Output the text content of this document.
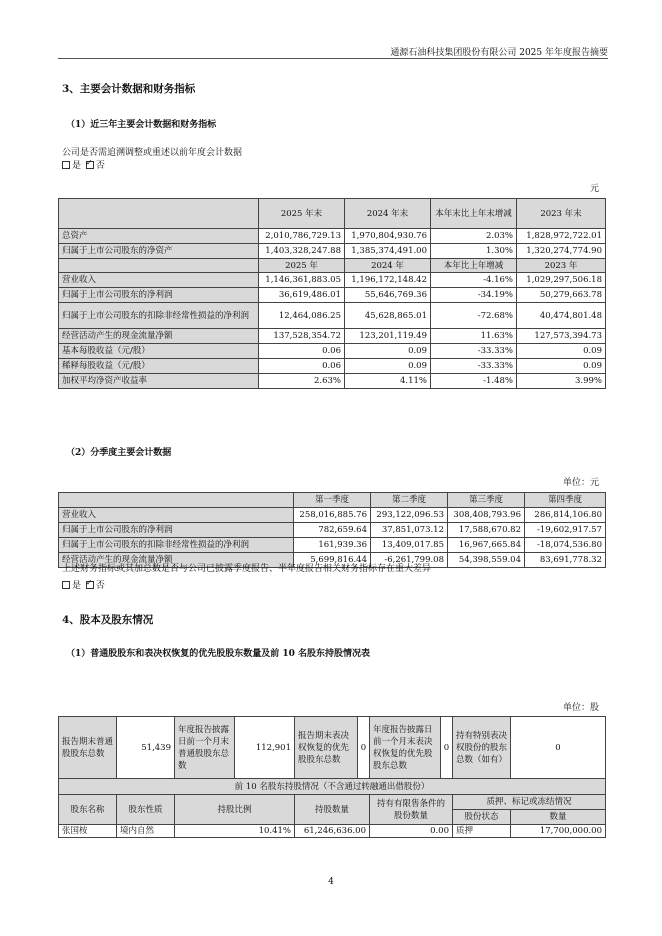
通源石油科技集团股份有限公司 2025 年年度报告摘要
3、主要会计数据和财务指标
（1）近三年主要会计数据和财务指标
公司是否需追溯调整或重述以前年度会计数据
是 ✓ 否
元
	2025 年末	2024 年末	本年末比上年末增减	2023 年末
总资产	2,010,786,729.13	1,970,804,930.76	2.03%	1,828,972,722.01
归属于上市公司股东的净资产	1,403,328,247.88	1,385,374,491.00	1.30%	1,320,274,774.90
	2025 年	2024 年	本年比上年增减	2023 年
营业收入	1,146,361,883.05	1,196,172,148.42	-4.16%	1,029,297,506.18
归属于上市公司股东的净利润	36,619,486.01	55,646,769.36	-34.19%	50,279,663.78
归属于上市公司股东的扣除非经常性损益的净利润	12,464,086.25	45,628,865.01	-72.68%	40,474,801.48
经营活动产生的现金流量净额	137,528,354.72	123,201,119.49	11.63%	127,573,394.73
基本每股收益（元/股）	0.06	0.09	-33.33%	0.09
稀释每股收益（元/股）	0.06	0.09	-33.33%	0.09
加权平均净资产收益率	2.63%	4.11%	-1.48%	3.99%
（2）分季度主要会计数据
单位：元
	第一季度	第二季度	第三季度	第四季度
营业收入	258,016,885.76	293,122,096.53	308,408,793.96	286,814,106.80
归属于上市公司股东的净利润	782,659.64	37,851,073.12	17,588,670.82	-19,602,917.57
归属于上市公司股东的扣除非经常性损益的净利润	161,939.36	13,409,017.85	16,967,665.84	-18,074,536.80
经营活动产生的现金流量净额	5,699,816.44	-6,261,799.08	54,398,559.04	83,691,778.32
上述财务指标或其加总数是否与公司已披露季度报告、半年度报告相关财务指标存在重大差异
是 ✓ 否
4、股本及股东情况
（1）普通股股东和表决权恢复的优先股股东数量及前 10 名股东持股情况表
单位：股
报告期末普通股股东总数	51,439	年度报告披露日前一个月末普通股股东总数	112,901	报告期末表决权恢复的优先股股东总数	0	年度报告披露日前一个月末表决权恢复的优先股股东总数	0	持有特别表决权股份的股东总数（如有）	0
前 10 名股东持股情况（不含通过转融通出借股份）									
股东名称	股东性质	持股比例		持股数量		持有有限售条件的股份数量		质押、标记或冻结情况	
								股份状态	数量
张国桉	境内自然	10.41%		61,246,636.00		0.00		质押	17,700,000.00
4
